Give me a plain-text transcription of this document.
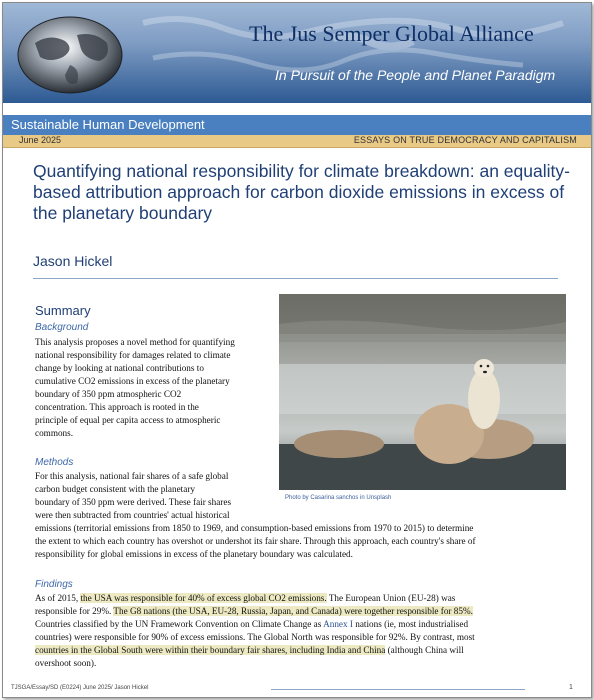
The Jus Semper Global Alliance
In Pursuit of the People and Planet Paradigm
Sustainable Human Development
June 2025	ESSAYS ON TRUE DEMOCRACY AND CAPITALISM
Quantifying national responsibility for climate breakdown: an equality-based attribution approach for carbon dioxide emissions in excess of the planetary boundary
Jason Hickel
Summary
Background
This analysis proposes a novel method for quantifying
national responsibility for damages related to climate
change by looking at national contributions to
cumulative CO2 emissions in excess of the planetary
boundary of 350 ppm atmospheric CO2
concentration. This approach is rooted in the
principle of equal per capita access to atmospheric
commons.
Methods
For this analysis, national fair shares of a safe global
carbon budget consistent with the planetary
boundary of 350 ppm were derived. These fair shares
were then subtracted from countries' actual historical
emissions (territorial emissions from 1850 to 1969, and consumption-based emissions from 1970 to 2015) to determine
the extent to which each country has overshot or undershot its fair share. Through this approach, each country's share of
responsibility for global emissions in excess of the planetary boundary was calculated.
Photo by Casarina sanchos in Unsplash
Findings
As of 2015, the USA was responsible for 40% of excess global CO2 emissions. The European Union (EU-28) was
responsible for 29%. The G8 nations (the USA, EU-28, Russia, Japan, and Canada) were together responsible for 85%.
Countries classified by the UN Framework Convention on Climate Change as Annex I nations (ie, most industrialised
countries) were responsible for 90% of excess emissions. The Global North was responsible for 92%. By contrast, most
countries in the Global South were within their boundary fair shares, including India and China (although China will
overshoot soon).
TJSGA/Essay/SD (E0224) June 2025/ Jason Hickel	1
